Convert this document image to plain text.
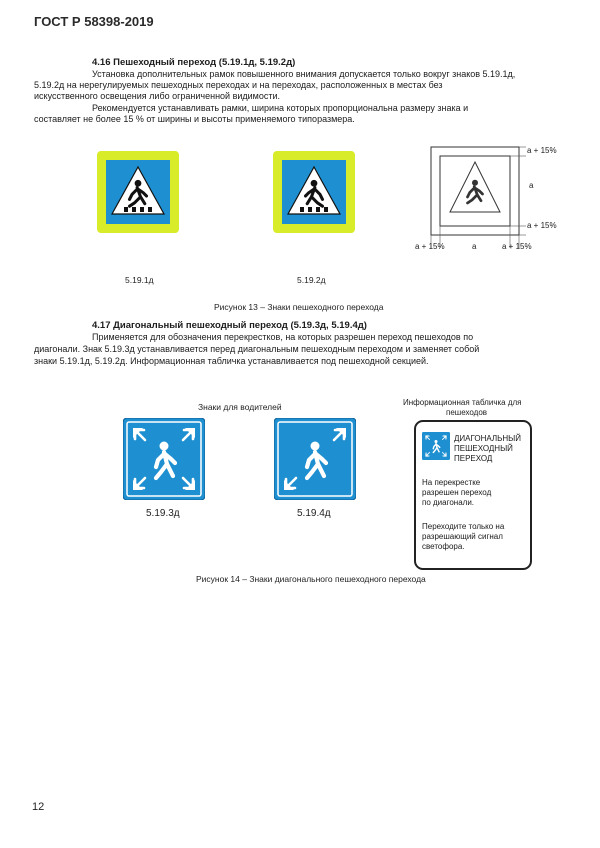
ГОСТ Р 58398-2019
4.16 Пешеходный переход (5.19.1д, 5.19.2д)
Установка дополнительных рамок повышенного внимания допускается только вокруг знаков 5.19.1д,
5.19.2д на нерегулируемых пешеходных переходах и на переходах, расположенных в местах без
искусственного освещения либо ограниченной видимости.
Рекомендуется устанавливать рамки, ширина которых пропорциональна размеру знака и
составляет не более 15 % от ширины и высоты применяемого типоразмера.
5.19.1д	5.19.2д
a + 15%
a
a + 15%
a + 15%	a	a + 15%
Рисунок 13 – Знаки пешеходного перехода
4.17 Диагональный пешеходный переход (5.19.3д, 5.19.4д)
Применяется для обозначения перекрестков, на которых разрешен переход пешеходов по
диагонали. Знак 5.19.3д устанавливается перед диагональным пешеходным переходом и заменяет собой
знаки 5.19.1д, 5.19.2д. Информационная табличка устанавливается под пешеходной секцией.
Знаки для водителей
5.19.3д	5.19.4д
Информационная табличка для
пешеходов
ДИАГОНАЛЬНЫЙ
ПЕШЕХОДНЫЙ
ПЕРЕХОД
На перекрестке
разрешен переход
по диагонали.
Переходите только на
разрешающий сигнал
светофора.
Рисунок 14 – Знаки диагонального пешеходного перехода
12
